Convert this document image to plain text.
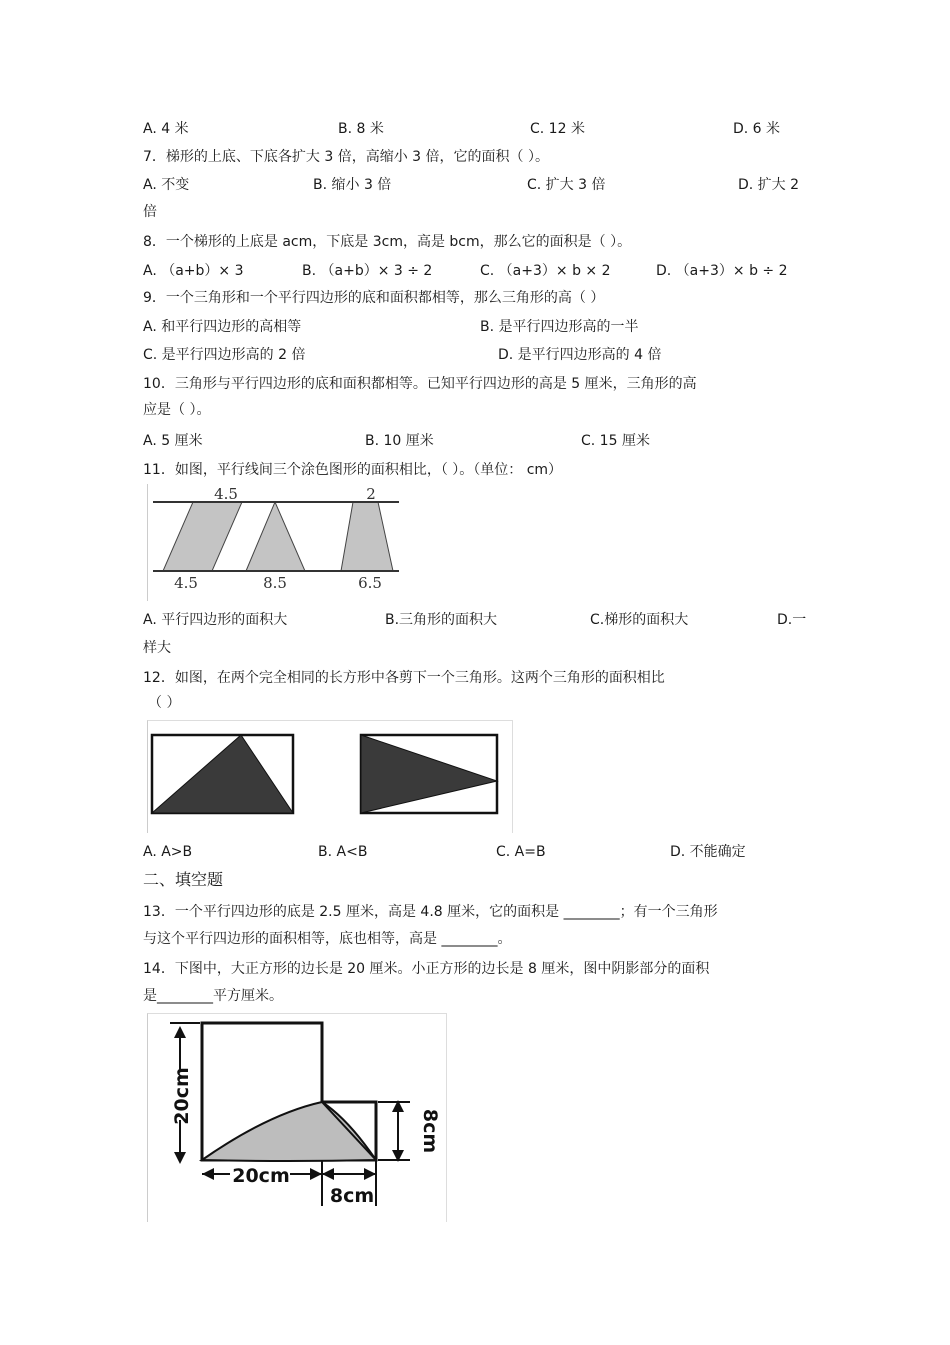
A. 4 米	B. 8 米	C. 12 米	D. 6 米
7．梯形的上底、下底各扩大 3 倍，高缩小 3 倍，它的面积（ ）。
A. 不变	B. 缩小 3 倍	C. 扩大 3 倍	D. 扩大 2
倍
8．一个梯形的上底是 acm，下底是 3cm，高是 bcm，那么它的面积是（ ）。
A. （a+b）× 3	B. （a+b）× 3 ÷ 2	C. （a+3）× b × 2	D. （a+3）× b ÷ 2
9．一个三角形和一个平行四边形的底和面积都相等，那么三角形的高（ ）
A. 和平行四边形的高相等	B. 是平行四边形高的一半
C. 是平行四边形高的 2 倍	D. 是平行四边形高的 4 倍
10．三角形与平行四边形的底和面积都相等。已知平行四边形的高是 5 厘米，三角形的高
应是（ ）。
A. 5 厘米	B. 10 厘米	C. 15 厘米
11．如图，平行线间三个涂色图形的面积相比，（ ）。（单位： cm）
4.5	2
4.5	8.5	6.5
A. 平行四边形的面积大	B.三角形的面积大	C.梯形的面积大	D.一
样大
12．如图，在两个完全相同的长方形中各剪下一个三角形。这两个三角形的面积相比
（ ）
A. A>B	B. A<B	C. A=B	D. 不能确定
二、填空题
13．一个平行四边形的底是 2.5 厘米，高是 4.8 厘米，它的面积是 ________；有一个三角形
与这个平行四边形的面积相等，底也相等，高是 ________。
14．下图中，大正方形的边长是 20 厘米。小正方形的边长是 8 厘米，图中阴影部分的面积
是________平方厘米。
20cm
20cm
8cm
8cm
